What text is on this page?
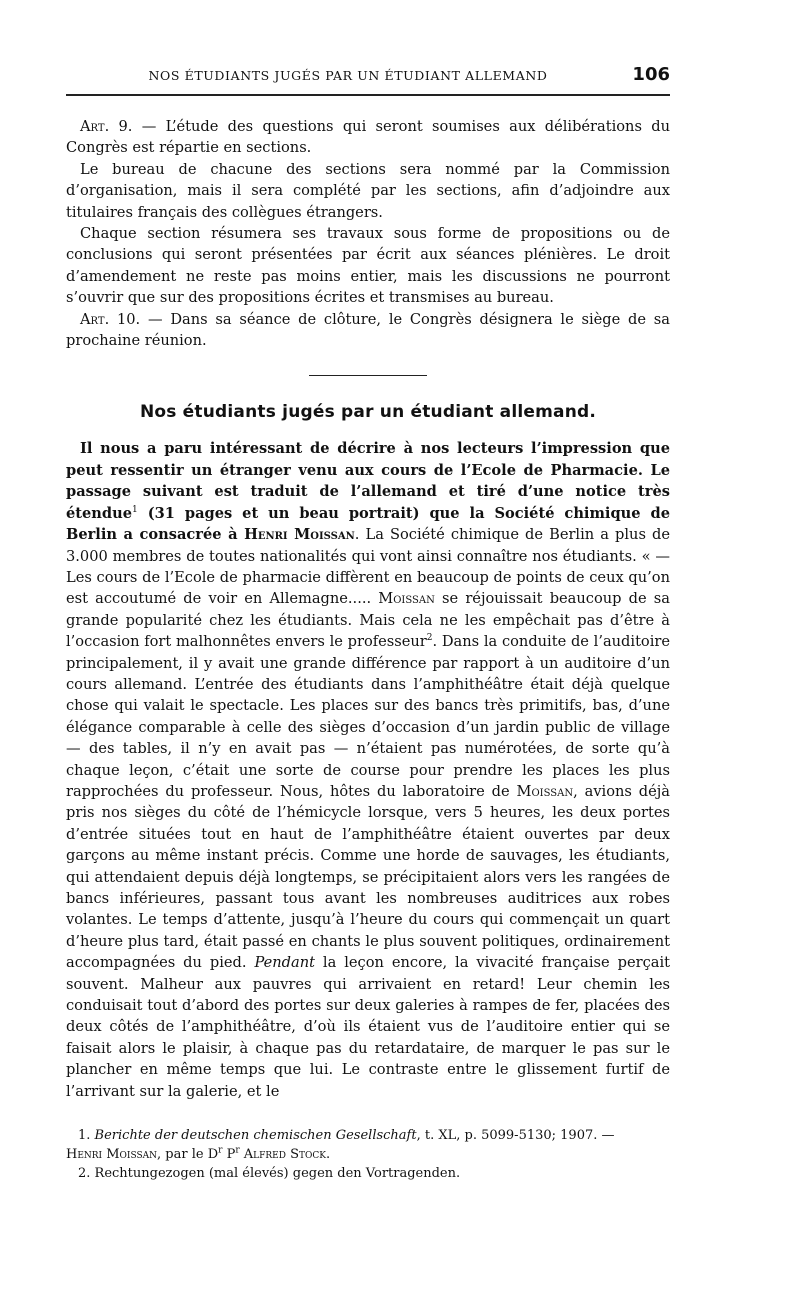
NOS ÉTUDIANTS JUGÉS PAR UN ÉTUDIANT ALLEMAND	106

Art. 9. — L’étude des questions qui seront soumises aux délibérations du Congrès est répartie en sections.

Le bureau de chacune des sections sera nommé par la Commission d’organisation, mais il sera complété par les sections, afin d’adjoindre aux titulaires français des collègues étrangers.

Chaque section résumera ses travaux sous forme de propositions ou de conclusions qui seront présentées par écrit aux séances plénières. Le droit d’amendement ne reste pas moins entier, mais les discussions ne pourront s’ouvrir que sur des propositions écrites et transmises au bureau.

Art. 10. — Dans sa séance de clôture, le Congrès désignera le siège de sa prochaine réunion.

Nos étudiants jugés par un étudiant allemand.

Il nous a paru intéressant de décrire à nos lecteurs l’impression que peut ressentir un étranger venu aux cours de l’Ecole de Pharmacie. Le passage suivant est traduit de l’allemand et tiré d’une notice très étendue$^1$ (31 pages et un beau portrait) que la Société chimique de Berlin a consacrée à Henri Moissan. La Société chimique de Berlin a plus de 3.000 membres de toutes nationalités qui vont ainsi connaître nos étudiants. « — Les cours de l’Ecole de pharmacie diffèrent en beaucoup de points de ceux qu’on est accoutumé de voir en Allemagne..... Moissan se réjouissait beaucoup de sa grande popularité chez les étudiants. Mais cela ne les empêchait pas d’être à l’occasion fort malhonnêtes envers le professeur$^2$. Dans la conduite de l’auditoire principalement, il y avait une grande différence par rapport à un auditoire d’un cours allemand. L’entrée des étudiants dans l’amphithéâtre était déjà quelque chose qui valait le spectacle. Les places sur des bancs très primitifs, bas, d’une élégance comparable à celle des sièges d’occasion d’un jardin public de village — des tables, il n’y en avait pas — n’étaient pas numérotées, de sorte qu’à chaque leçon, c’était une sorte de course pour prendre les places les plus rapprochées du professeur. Nous, hôtes du laboratoire de Moissan, avions déjà pris nos sièges du côté de l’hémicycle lorsque, vers 5 heures, les deux portes d’entrée situées tout en haut de l’amphithéâtre étaient ouvertes par deux garçons au même instant précis. Comme une horde de sauvages, les étudiants, qui attendaient depuis déjà longtemps, se précipitaient alors vers les rangées de bancs inférieures, passant tous avant les nombreuses auditrices aux robes volantes. Le temps d’attente, jusqu’à l’heure du cours qui commençait un quart d’heure plus tard, était passé en chants le plus souvent politiques, ordinairement accompagnées du pied. Pendant la leçon encore, la vivacité française perçait souvent. Malheur aux pauvres qui arrivaient en retard! Leur chemin les conduisait tout d’abord des portes sur deux galeries à rampes de fer, placées des deux côtés de l’amphithéâtre, d’où ils étaient vus de l’auditoire entier qui se faisait alors le plaisir, à chaque pas du retardataire, de marquer le pas sur le plancher en même temps que lui. Le contraste entre le glissement furtif de l’arrivant sur la galerie, et le

1. Berichte der deutschen chemischen Gesellschaft, t. XL, p. 5099-5130; 1907. —

Henri Moissan, par le $D^r$ $P^r$ Alfred Stock.

2. Rechtungezogen (mal élevés) gegen den Vortragenden.
